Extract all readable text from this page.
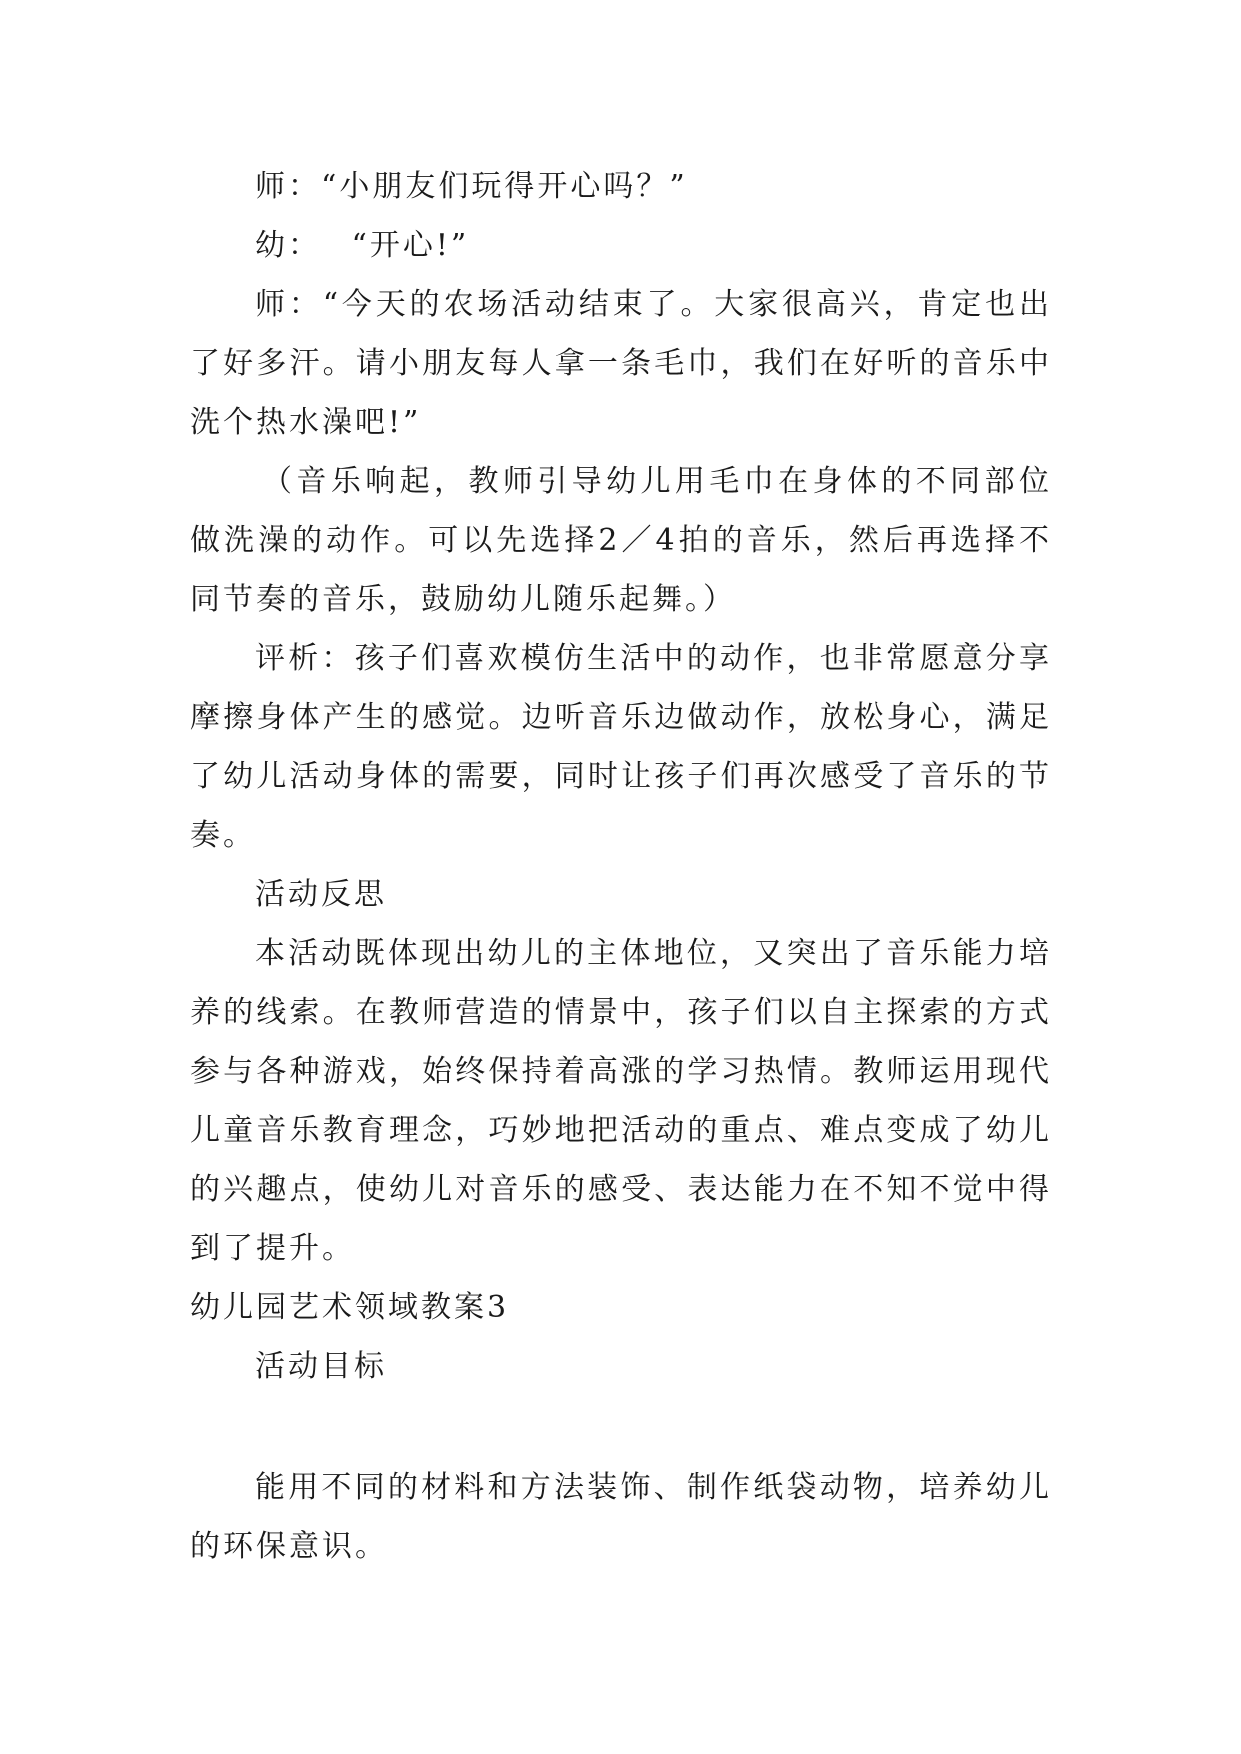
师：“小朋友们玩得开心吗？”

幼：　 “开心!”

师：“今天的农场活动结束了。大家很高兴，肯定也出了好多汗。请小朋友每人拿一条毛巾，我们在好听的音乐中洗个热水澡吧!”

（音乐响起，教师引导幼儿用毛巾在身体的不同部位做洗澡的动作。可以先选择2／4拍的音乐，然后再选择不同节奏的音乐，鼓励幼儿随乐起舞。）

评析：孩子们喜欢模仿生活中的动作，也非常愿意分享摩擦身体产生的感觉。边听音乐边做动作，放松身心，满足了幼儿活动身体的需要，同时让孩子们再次感受了音乐的节奏。

活动反思

本活动既体现出幼儿的主体地位，又突出了音乐能力培养的线索。在教师营造的情景中，孩子们以自主探索的方式参与各种游戏，始终保持着高涨的学习热情。教师运用现代儿童音乐教育理念，巧妙地把活动的重点、难点变成了幼儿的兴趣点，使幼儿对音乐的感受、表达能力在不知不觉中得到了提升。

幼儿园艺术领域教案3

活动目标

能用不同的材料和方法装饰、制作纸袋动物，培养幼儿的环保意识。
